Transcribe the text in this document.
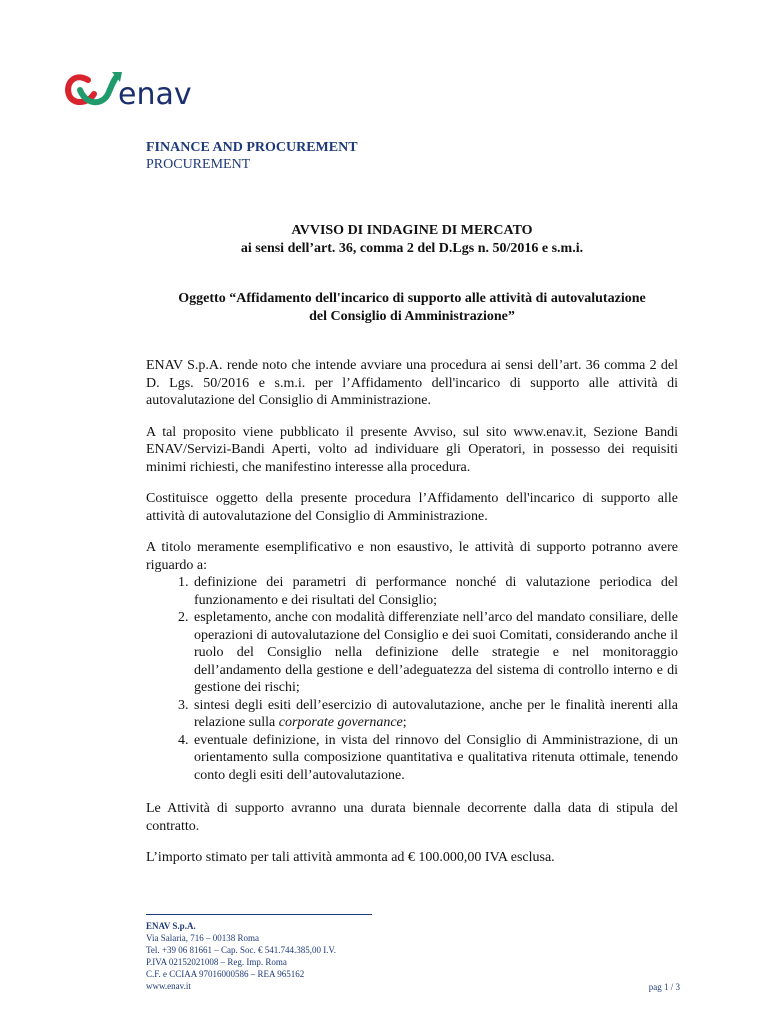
enav
FINANCE AND PROCUREMENT
PROCUREMENT
AVVISO DI INDAGINE DI MERCATO
ai sensi dell’art. 36, comma 2 del D.Lgs n. 50/2016 e s.m.i.
Oggetto “Affidamento dell'incarico di supporto alle attività di autovalutazione
del Consiglio di Amministrazione”

ENAV S.p.A. rende noto che intende avviare una procedura ai sensi dell’art. 36 comma 2 del D. Lgs. 50/2016 e s.m.i. per l’Affidamento dell'incarico di supporto alle attività di autovalutazione del Consiglio di Amministrazione.

A tal proposito viene pubblicato il presente Avviso, sul sito www.enav.it, Sezione Bandi ENAV/Servizi-Bandi Aperti, volto ad individuare gli Operatori, in possesso dei requisiti minimi richiesti, che manifestino interesse alla procedura.

Costituisce oggetto della presente procedura l’Affidamento dell'incarico di supporto alle attività di autovalutazione del Consiglio di Amministrazione.

A titolo meramente esemplificativo e non esaustivo, le attività di supporto potranno avere riguardo a:

1. definizione dei parametri di performance nonché di valutazione periodica del funzionamento e dei risultati del Consiglio;
2. espletamento, anche con modalità differenziate nell’arco del mandato consiliare, delle operazioni di autovalutazione del Consiglio e dei suoi Comitati, considerando anche il ruolo del Consiglio nella definizione delle strategie e nel monitoraggio dell’andamento della gestione e dell’adeguatezza del sistema di controllo interno e di gestione dei rischi;
3. sintesi degli esiti dell’esercizio di autovalutazione, anche per le finalità inerenti alla relazione sulla corporate governance;
4. eventuale definizione, in vista del rinnovo del Consiglio di Amministrazione, di un orientamento sulla composizione quantitativa e qualitativa ritenuta ottimale, tenendo conto degli esiti dell’autovalutazione.

Le Attività di supporto avranno una durata biennale decorrente dalla data di stipula del contratto.

L’importo stimato per tali attività ammonta ad € 100.000,00 IVA esclusa.

ENAV S.p.A.
Via Salaria, 716 – 00138 Roma
Tel. +39 06 81661 – Cap. Soc. € 541.744.385,00 I.V.
P.IVA 02152021008 – Reg. Imp. Roma
C.F. e CCIAA 97016000586 – REA 965162
www.enav.it	pag 1 / 3
